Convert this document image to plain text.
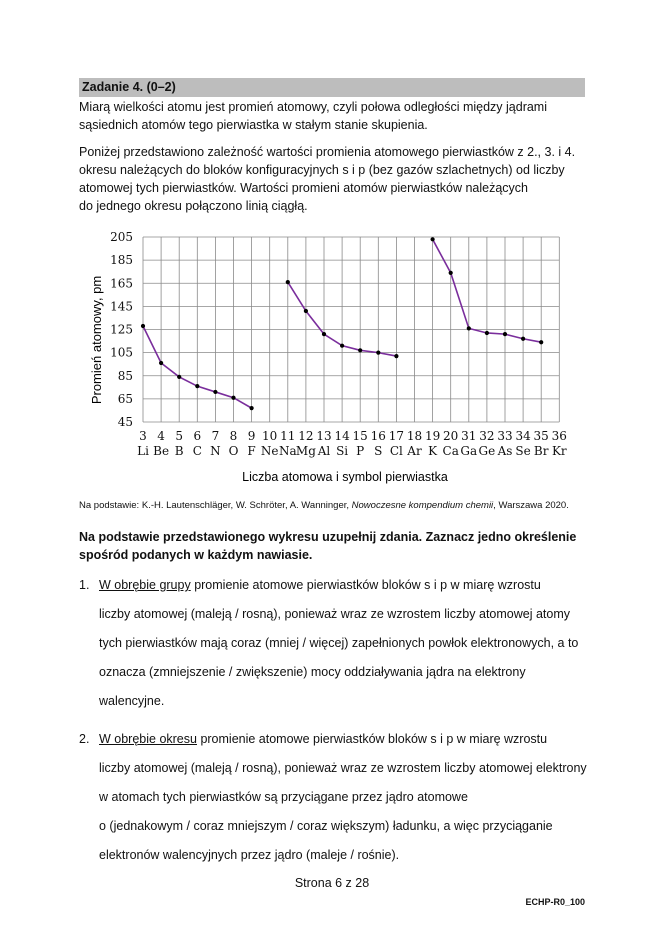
Zadanie 4. (0–2)
Miarą wielkości atomu jest promień atomowy, czyli połowa odległości między jądrami
sąsiednich atomów tego pierwiastka w stałym stanie skupienia.
Poniżej przedstawiono zależność wartości promienia atomowego pierwiastków z 2., 3. i 4.
okresu należących do bloków konfiguracyjnych s i p (bez gazów szlachetnych) od liczby
atomowej tych pierwiastków. Wartości promieni atomów pierwiastków należących
do jednego okresu połączono linią ciągłą.
205
185
165
145
125
105
85
65
45
3
Li
4
Be
5
B
6
C
7
N
8
O
9
F
10
Ne
11
Na
12
Mg
13
Al
14
Si
15
P
16
S
17
Cl
18
Ar
19
K
20
Ca
31
Ga
32
Ge
33
As
34
Se
35
Br
36
Kr
Promień atomowy, pm
Liczba atomowa i symbol pierwiastka
Na podstawie: K.-H. Lautenschläger, W. Schröter, A. Wanninger, Nowoczesne kompendium chemii, Warszawa 2020.
Na podstawie przedstawionego wykresu uzupełnij zdania. Zaznacz jedno określenie
spośród podanych w każdym nawiasie.
1. W obrębie grupy promienie atomowe pierwiastków bloków s i p w miarę wzrostu
liczby atomowej (maleją / rosną), ponieważ wraz ze wzrostem liczby atomowej atomy
tych pierwiastków mają coraz (mniej / więcej) zapełnionych powłok elektronowych, a to
oznacza (zmniejszenie / zwiększenie) mocy oddziaływania jądra na elektrony
walencyjne.
2. W obrębie okresu promienie atomowe pierwiastków bloków s i p w miarę wzrostu
liczby atomowej (maleją / rosną), ponieważ wraz ze wzrostem liczby atomowej elektrony
w atomach tych pierwiastków są przyciągane przez jądro atomowe
o (jednakowym / coraz mniejszym / coraz większym) ładunku, a więc przyciąganie
elektronów walencyjnych przez jądro (maleje / rośnie).
Strona 6 z 28
ECHP-R0_100
